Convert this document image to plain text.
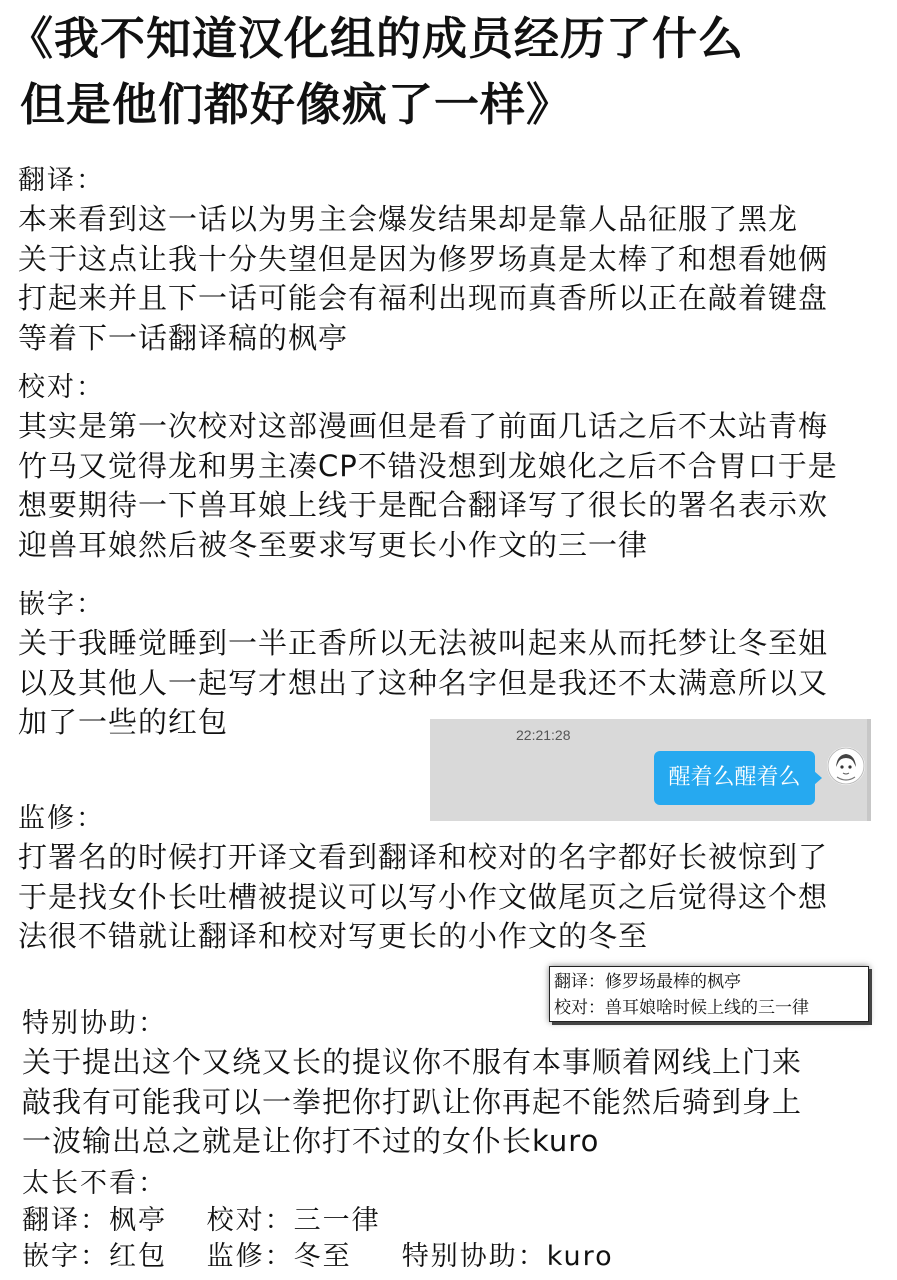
《我不知道汉化组的成员经历了什么
但是他们都好像疯了一样》
翻译：
本来看到这一话以为男主会爆发结果却是靠人品征服了黑龙
关于这点让我十分失望但是因为修罗场真是太棒了和想看她俩
打起来并且下一话可能会有福利出现而真香所以正在敲着键盘
等着下一话翻译稿的枫亭
校对：
其实是第一次校对这部漫画但是看了前面几话之后不太站青梅
竹马又觉得龙和男主凑CP不错没想到龙娘化之后不合胃口于是
想要期待一下兽耳娘上线于是配合翻译写了很长的署名表示欢
迎兽耳娘然后被冬至要求写更长小作文的三一律
嵌字：
关于我睡觉睡到一半正香所以无法被叫起来从而托梦让冬至姐
以及其他人一起写才想出了这种名字但是我还不太满意所以又
加了一些的红包	22:21:28
醒着么醒着么
监修：
打署名的时候打开译文看到翻译和校对的名字都好长被惊到了
于是找女仆长吐槽被提议可以写小作文做尾页之后觉得这个想
法很不错就让翻译和校对写更长的小作文的冬至
翻译：修罗场最棒的枫亭
校对：兽耳娘啥时候上线的三一律
特别协助：
关于提出这个又绕又长的提议你不服有本事顺着网线上门来
敲我有可能我可以一拳把你打趴让你再起不能然后骑到身上
一波输出总之就是让你打不过的女仆长kuro
太长不看：
翻译：枫亭　 校对：三一律
嵌字：红包　 监修：冬至　  特别协助：kuro
